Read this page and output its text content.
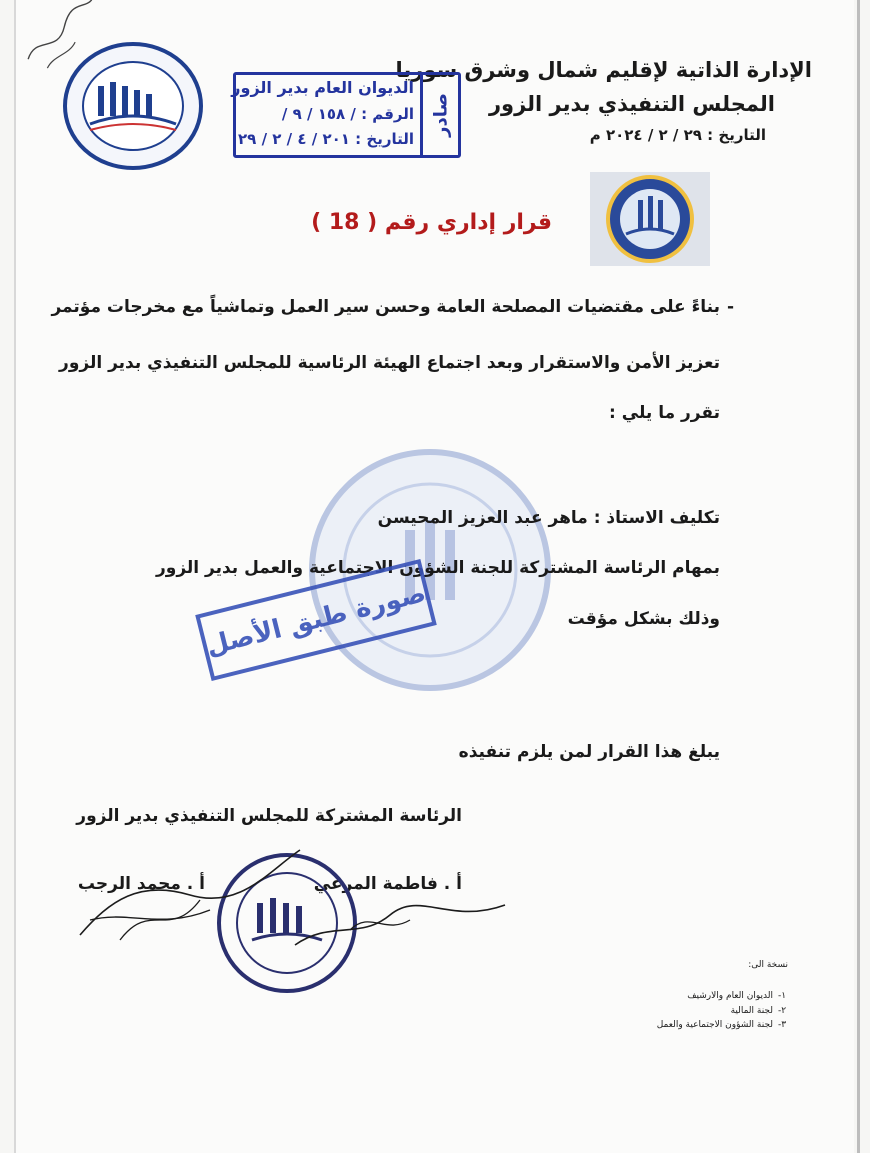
الإدارة الذاتية لإقليم شمال وشرق سوريا
المجلس التنفيذي بدير الزور
التاريخ : ٢٩ / ٢ / ٢٠٢٤ م
صادر
الديوان العام بدير الزور
الرقم : / ١٥٨ / ٩ /
التاريخ : ٢٠١ / ٤ / ٢ / ٢٩
قرار إداري رقم ( 18 )
-
بناءً على مقتضيات المصلحة العامة وحسن سير العمل وتماشياً مع مخرجات مؤتمر
تعزيز الأمن والاستقرار وبعد اجتماع الهيئة الرئاسية للمجلس التنفيذي بدير الزور
تقرر ما يلي :
تكليف الاستاذ : ماهر عبد العزيز المحيسن
بمهام الرئاسة المشتركة للجنة الشؤون الاجتماعية والعمل بدير الزور
وذلك بشكل مؤقت
صورة طبق الأصل
يبلغ هذا القرار لمن يلزم تنفيذه
الرئاسة المشتركة للمجلس التنفيذي بدير الزور
أ . فاطمة المرعي
أ . محمد الرجب
نسخة الى:
-١
الديوان العام والارشيف
-٢
لجنة المالية
-٣
لجنة الشؤون الاجتماعية والعمل
